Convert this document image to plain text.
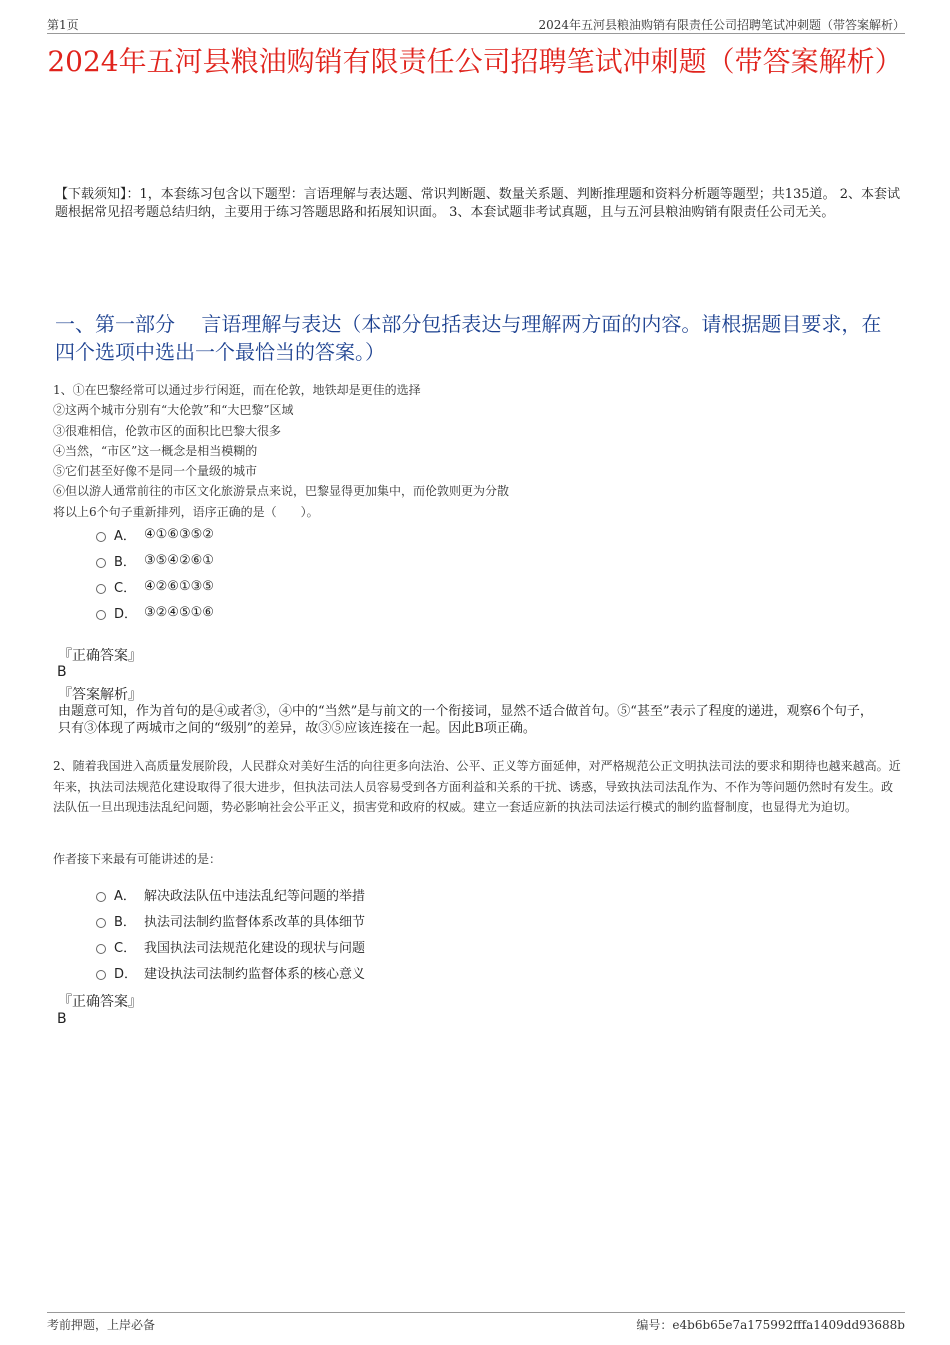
第1页	2024年五河县粮油购销有限责任公司招聘笔试冲刺题（带答案解析）
2024年五河县粮油购销有限责任公司招聘笔试冲刺题（带答案解析）
【下载须知】：1，本套练习包含以下题型：言语理解与表达题、常识判断题、数量关系题、判断推理题和资料分析题等题型；共135道。 2、本套试题根据常见招考题总结归纳，主要用于练习答题思路和拓展知识面。 3、本套试题非考试真题，且与五河县粮油购销有限责任公司无关。
一、第一部分　 言语理解与表达（本部分包括表达与理解两方面的内容。请根据题目要求，在四个选项中选出一个最恰当的答案。）

1、①在巴黎经常可以通过步行闲逛，而在伦敦，地铁却是更佳的选择

②这两个城市分别有“大伦敦”和“大巴黎”区域

③很难相信，伦敦市区的面积比巴黎大很多

④当然，“市区”这一概念是相当模糊的

⑤它们甚至好像不是同一个量级的城市

⑥但以游人通常前往的市区文化旅游景点来说，巴黎显得更加集中，而伦敦则更为分散

将以上6个句子重新排列，语序正确的是（　　）。

A． ④①⑥③⑤②
B． ③⑤④②⑥①
C． ④②⑥①③⑤
D． ③②④⑤①⑥
『正确答案』
B
『答案解析』
由题意可知，作为首句的是④或者③，④中的“当然”是与前文的一个衔接词，显然不适合做首句。⑤“甚至”表示了程度的递进，观察6个句子，只有③体现了两城市之间的“级别”的差异，故③⑤应该连接在一起。因此B项正确。
2、随着我国进入高质量发展阶段，人民群众对美好生活的向往更多向法治、公平、正义等方面延伸，对严格规范公正文明执法司法的要求和期待也越来越高。近年来，执法司法规范化建设取得了很大进步，但执法司法人员容易受到各方面利益和关系的干扰、诱惑，导致执法司法乱作为、不作为等问题仍然时有发生。政法队伍一旦出现违法乱纪问题，势必影响社会公平正义，损害党和政府的权威。建立一套适应新的执法司法运行模式的制约监督制度，也显得尤为迫切。
作者接下来最有可能讲述的是：
A． 解决政法队伍中违法乱纪等问题的举措
B． 执法司法制约监督体系改革的具体细节
C． 我国执法司法规范化建设的现状与问题
D． 建设执法司法制约监督体系的核心意义
『正确答案』
B
考前押题，上岸必备	编号：e4b6b65e7a175992fffa1409dd93688b
